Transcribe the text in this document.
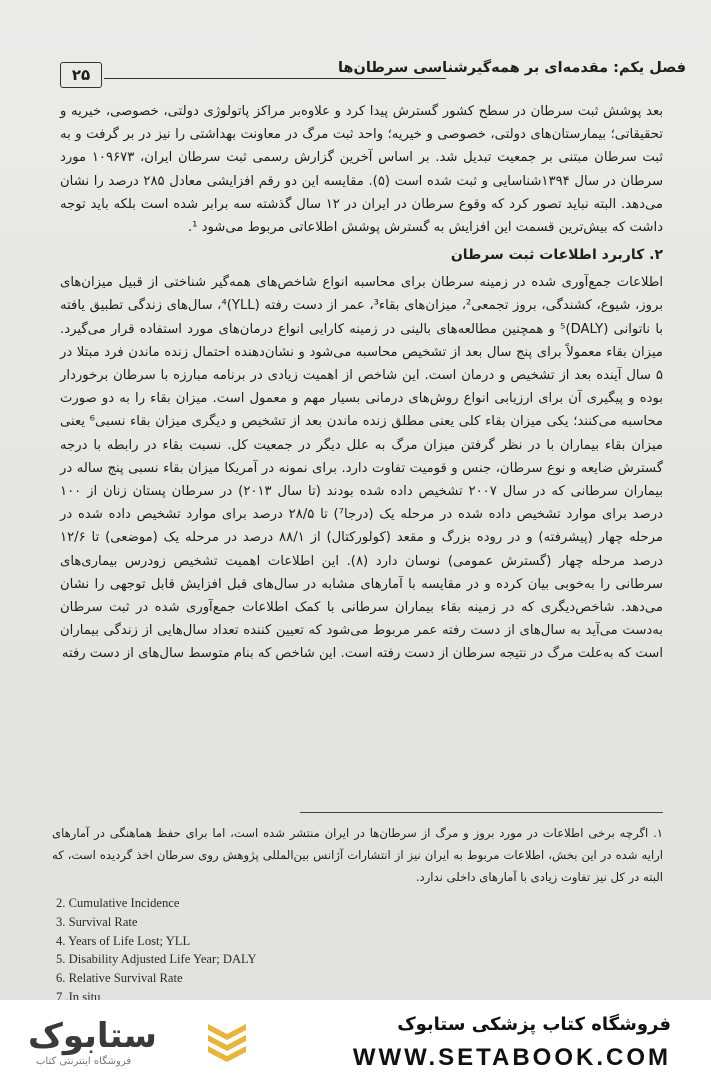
۲۵	فصل یکم: مقدمه‌ای بر همه‌گیرشناسی سرطان‌ها

بعد پوشش ثبت سرطان در سطح کشور گسترش پیدا کرد و علاوه‌بر مراکز پاتولوژی دولتی، خصوصی، خیریه و تحقیقاتی؛ بیمارستان‌های دولتی، خصوصی و خیریه؛ واحد ثبت مرگ در معاونت بهداشتی را نیز در بر گرفت و به ثبت سرطان مبتنی بر جمعیت تبدیل شد. بر اساس آخرین گزارش رسمی ثبت سرطان ایران، ۱۰۹۶۷۳ مورد سرطان در سال ۱۳۹۴شناسایی و ثبت شده است (۵). مقایسه این دو رقم افزایشی معادل ۲۸۵ درصد را نشان می‌دهد. البته نباید تصور کرد که وقوع سرطان در ایران در ۱۲ سال گذشته سه برابر شده است بلکه باید توجه داشت که بیش‌ترین قسمت این افزایش به گسترش پوشش اطلاعاتی مربوط می‌شود ¹.

۲. کاربرد اطلاعات ثبت سرطان

اطلاعات جمع‌آوری شده در زمینه سرطان برای محاسبه انواع شاخص‌های همه‌گیر شناختی از قبیل میزان‌های بروز، شیوع، کشندگی، بروز تجمعی²، میزان‌های بقاء³، عمر از دست رفته (YLL)⁴، سال‌های زندگی تطبیق یافته با ناتوانی (DALY)⁵ و همچنین مطالعه‌های بالینی در زمینه کارایی انواع درمان‌های مورد استفاده قرار می‌گیرد. میزان بقاء معمولاً برای پنج سال بعد از تشخیص محاسبه می‌شود و نشان‌دهنده احتمال زنده ماندن فرد مبتلا در ۵ سال آینده بعد از تشخیص و درمان است. این شاخص از اهمیت زیادی در برنامه مبارزه با سرطان برخوردار بوده و پیگیری آن برای ارزیابی انواع روش‌های درمانی بسیار مهم و معمول است. میزان بقاء را به دو صورت محاسبه می‌کنند؛ یکی میزان بقاء کلی یعنی مطلق زنده ماندن بعد از تشخیص و دیگری میزان بقاء نسبی⁶ یعنی میزان بقاء بیماران با در نظر گرفتن میزان مرگ به علل دیگر در جمعیت کل. نسبت بقاء در رابطه با درجه گسترش ضایعه و نوع سرطان، جنس و قومیت تفاوت دارد. برای نمونه در آمریکا میزان بقاء نسبی پنج ساله در بیماران سرطانی که در سال ۲۰۰۷ تشخیص داده شده بودند (تا سال ۲۰۱۳) در سرطان پستان زنان از ۱۰۰ درصد برای موارد تشخیص داده شده در مرحله یک (درجا⁷) تا ۲۸/۵ درصد برای موارد تشخیص داده شده در مرحله چهار (پیشرفته) و در روده بزرگ و مقعد (کولورکتال) از ۸۸/۱ درصد در مرحله یک (موضعی) تا ۱۲/۶ درصد مرحله چهار (گسترش عمومی) نوسان دارد (۸). این اطلاعات اهمیت تشخیص زودرس بیماری‌های سرطانی را به‌خوبی بیان کرده و در مقایسه با آمارهای مشابه در سال‌های قبل افزایش قابل توجهی را نشان می‌دهد. شاخص‌دیگری که در زمینه بقاء بیماران سرطانی با کمک اطلاعات جمع‌آوری شده در ثبت سرطان به‌دست می‌آید به سال‌های از دست رفته عمر مربوط می‌شود که تعیین کننده تعداد سال‌هایی از زندگی بیماران است که به‌علت مرگ در نتیجه سرطان از دست رفته است. این شاخص که بنام متوسط سال‌های از دست رفته

۱. اگرچه برخی اطلاعات در مورد بروز و مرگ از سرطان‌ها در ایران منتشر شده است، اما برای حفظ هماهنگی در آمارهای ارایه شده در این بخش، اطلاعات مربوط به ایران نیز از انتشارات آژانس بین‌المللی پژوهش روی سرطان اخذ گردیده است، که البته در کل نیز تفاوت زیادی با آمارهای داخلی ندارد.
2. Cumulative Incidence
3. Survival Rate
4. Years of Life Lost; YLL
5. Disability Adjusted Life Year; DALY
6. Relative Survival Rate
7 .In situ
ستابوک
فروشگاه اینترنتی کتاب
فروشگاه کتاب پزشکی ستابوک
WWW.SETABOOK.COM
